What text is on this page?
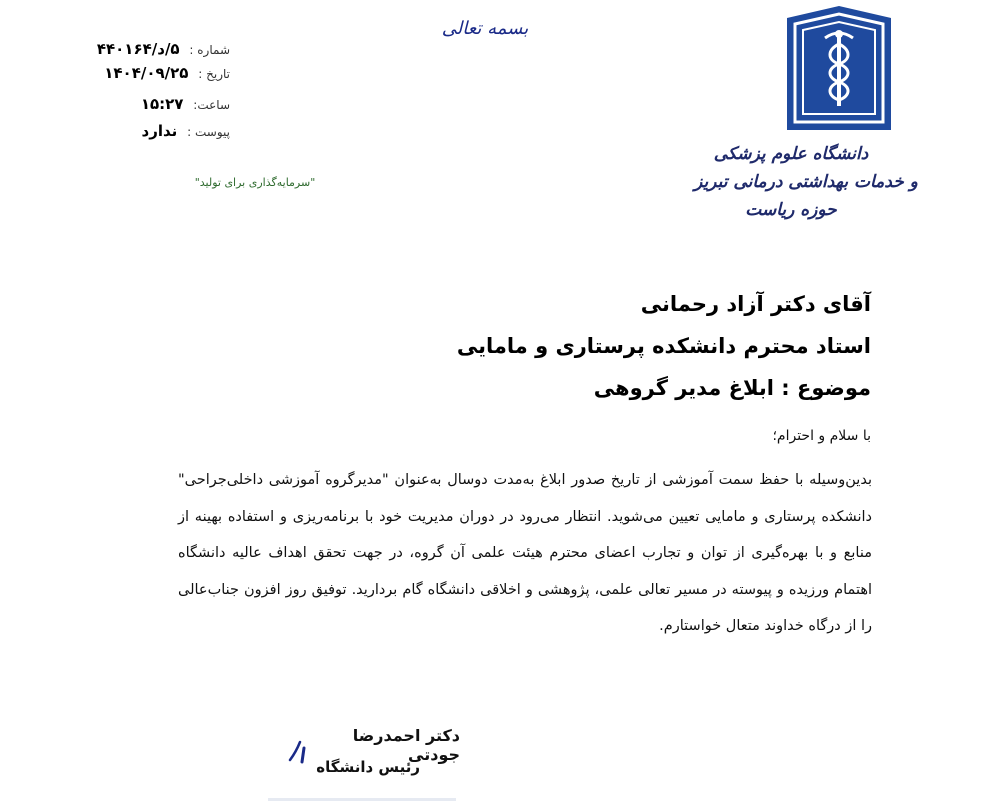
دانشگاه علوم پزشکی
و خدمات بهداشتی درمانی تبریز
حوزه ریاست
بسمه تعالی
شماره : ۵/د/۴۴۰۱۶۴
تاریخ : ۱۴۰۴/۰۹/۲۵
ساعت: ۱۵:۲۷
پیوست : ندارد
"سرمایه‌گذاری برای تولید"
آقای دکتر آزاد رحمانی
استاد محترم دانشکده پرستاری و مامایی
موضوع : ابلاغ مدیر گروهی
با سلام و احترام؛
بدین‌وسیله با حفظ سمت آموزشی از تاریخ صدور ابلاغ به‌مدت دوسال به‌عنوان "مدیرگروه آموزشی داخلی‌جراحی" دانشکده پرستاری و مامایی تعیین می‌شوید. انتظار می‌رود در دوران مدیریت خود با برنامه‌ریزی و استفاده بهینه از منابع و با بهره‌گیری از توان و تجارب اعضای محترم هیئت علمی آن گروه، در جهت تحقق اهداف عالیه دانشگاه اهتمام ورزیده و پیوسته در مسیر تعالی علمی، پژوهشی و اخلاقی دانشگاه گام بردارید. توفیق روز افزون جناب‌عالی را از درگاه خداوند متعال خواستارم.
دکتر احمدرضا جودتی
رئیس دانشگاه
